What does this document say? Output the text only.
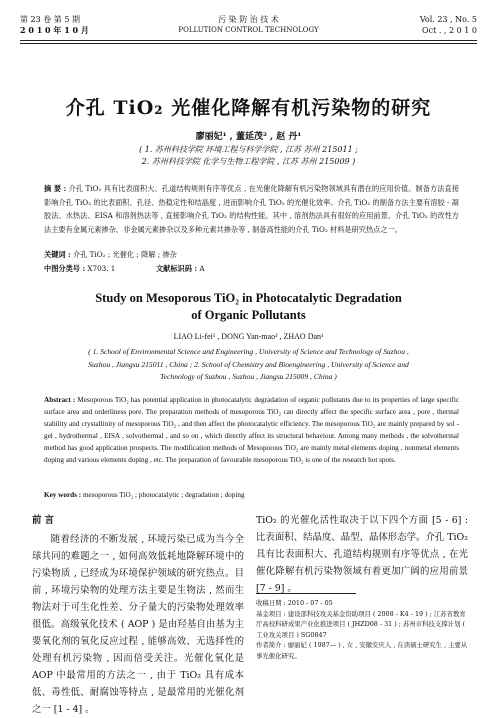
第 23 卷 第 5 期
2 0 1 0 年 1 0 月
污 染 防 治 技 术
POLLUTION CONTROL TECHNOLOGY
Vol. 23 , No. 5
Oct . , 2 0 1 0
介孔 TiO₂ 光催化降解有机污染物的研究
廖丽妃¹ , 董延茂² , 赵 丹¹
( 1. 苏州科技学院 环境工程与科学学院 , 江苏 苏州 215011 ;
2. 苏州科技学院 化学与生物工程学院 , 江苏 苏州 215009 )
摘 要 : 介孔 TiO₂ 具有比表面积大、孔道结构规则有序等优点 , 在光催化降解有机污染物领域具有潜在的应用价值。制备方法直接影响介孔 TiO₂ 的比表面积、孔径、热稳定性和结晶度 , 进而影响介孔 TiO₂ 的光催化效率。介孔 TiO₂ 的制备方法主要有溶胶 - 凝胶法、水热法、EISA 和溶剂热法等 , 直接影响介孔 TiO₂ 的结构性能。其中 , 溶剂热法具有很好的应用前景。介孔 TiO₂ 的改性方法主要有金属元素掺杂、非金属元素掺杂以及多种元素共掺杂等 , 制备高性能的介孔 TiO₂ 材料是研究热点之一。
关键词 : 介孔 TiO₂ ; 光催化 ; 降解 ; 掺杂
中图分类号 : X703. 1	文献标识码 : A
Study on Mesoporous TiO₂ in Photocatalytic Degradation
of Organic Pollutants
LIAO Li-fei¹ , DONG Yan-mao² , ZHAO Dan¹
( 1. School of Environmental Science and Engineering , University of Science and Technology of Suzhou ,
Suzhou , Jiangsu 215011 , China ; 2. School of Chemistry and Bioengineering , University of Science and
Technology of Suzhou , Suzhou , Jiangsu 215009 , China )
Abstract : Mesoporous TiO₂ has potential application in photocatalytic degradation of organic pollutants due to its properties of large specific surface area and orderliness pore. The preparation methods of mesoporous TiO₂ can directly affect the specific surface area , pore , thermal stability and crystallinity of mesoporous TiO₂ , and then affect the photocatalytic efficiency. The mesoporous TiO₂ are mainly prepared by sol - gel , hydrothermal , EISA , solvothermal , and so on , which directly affect its structural behaviour. Among many methods , the solvothermal method has good application prospects. The modification methods of Mesoporous TiO₂ are mainly metal elements doping , nonmetal elements doping and various elements doping , etc. The preparation of favourable mesoporous TiO₂ is one of the research hot spots.
Key words : mesoporous TiO₂ ; photocatalytic ; degradation ; doping
前 言
随着经济的不断发展 , 环境污染已成为当今全球共同的难题之一 , 如何高效低耗地降解环境中的污染物质 , 已经成为环境保护领域的研究热点。目前 , 环境污染物的处理方法主要是生物法 , 然而生物法对于可生化性差、分子量大的污染物处理效率很低。高级氧化技术 ( AOP ) 是由羟基自由基为主要氧化剂的氧化反应过程 , 能够高效、无选择性的处理有机污染物 , 因而倍受关注。光催化氧化是 AOP 中最常用的方法之一 , 由于 TiO₂ 具有成本低、毒性低、耐腐蚀等特点 , 是最常用的光催化剂之一 [1 - 4] 。
TiO₂ 的光催化活性取决于以下四个方面 [5 - 6] : 比表面积、结晶度、晶型、晶体形态学。介孔 TiO₂ 具有比表面积大、孔道结构规则有序等优点 , 在光催化降解有机污染物领域有着更加广阔的应用前景 [7 - 9] 。
收稿日期 : 2010 - 07 - 05
基金项目 : 建设部科技攻关基金资助项目 ( 2008 - K4 - 19 ) ; 江苏省教育厅高校科研成果产业化推进项目 ( JHZD08 - 31 ) ; 苏州市科技支撑计划 ( 工业攻关项目 ) SG0847
作者简介 : 廖丽妃 ( 1987— ) , 女 , 安徽安庆人 , 在读硕士研究生 , 主要从事光催化研究。
